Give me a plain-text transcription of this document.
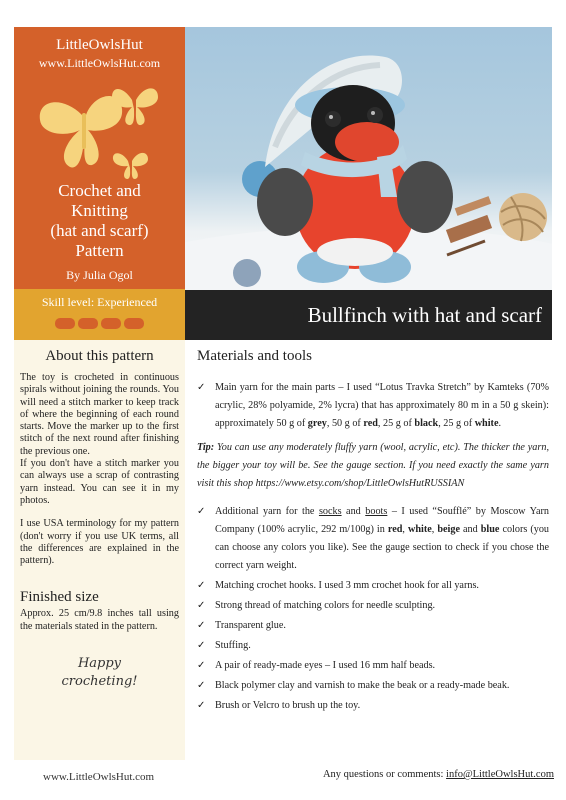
LittleOwlsHut
www.LittleOwlsHut.com
Crochet and
Knitting
(hat and scarf)
Pattern
By Julia Ogol
Skill level: Experienced
Bullfinch with hat and scarf
About this pattern

The toy is crocheted in continuous spirals without joining the rounds. You will need a stitch marker to keep track of where the beginning of each round starts. Move the marker up to the first stitch of the next round after finishing the previous one.

If you don't have a stitch marker you can always use a scrap of contrasting yarn instead. You can see it in my photos.

I use USA terminology for my pattern (don't worry if you use UK terms, all the differences are explained in the pattern).

Finished size
Approx. 25 cm/9.8 inches tall using the materials stated in the pattern.
Happy
crocheting!
Materials and tools
✓ Main yarn for the main parts – I used “Lotus Travka Stretch” by Kamteks (70% acrylic, 28% polyamide, 2% lycra) that has approximately 80 m in a 50 g skein): approximately 50 g of grey, 50 g of red, 25 g of black, 25 g of white.

Tip: You can use any moderately fluffy yarn (wool, acrylic, etc). The thicker the yarn, the bigger your toy will be. See the gauge section. If you need exactly the same yarn visit this shop https://www.etsy.com/shop/LittleOwlsHutRUSSIAN

✓ Additional yarn for the socks and boots – I used “Soufflé” by Moscow Yarn Company (100% acrylic, 292 m/100g) in red, white, beige and blue colors (you can choose any colors you like). See the gauge section to check if you chose the correct yarn weight.
✓ Matching crochet hooks. I used 3 mm crochet hook for all yarns.
✓ Strong thread of matching colors for needle sculpting.
✓ Transparent glue.
✓ Stuffing.
✓ A pair of ready-made eyes – I used 16 mm half beads.
✓ Black polymer clay and varnish to make the beak or a ready-made beak.
✓ Brush or Velcro to brush up the toy.
www.LittleOwlsHut.com	Any questions or comments: info@LittleOwlsHut.com
